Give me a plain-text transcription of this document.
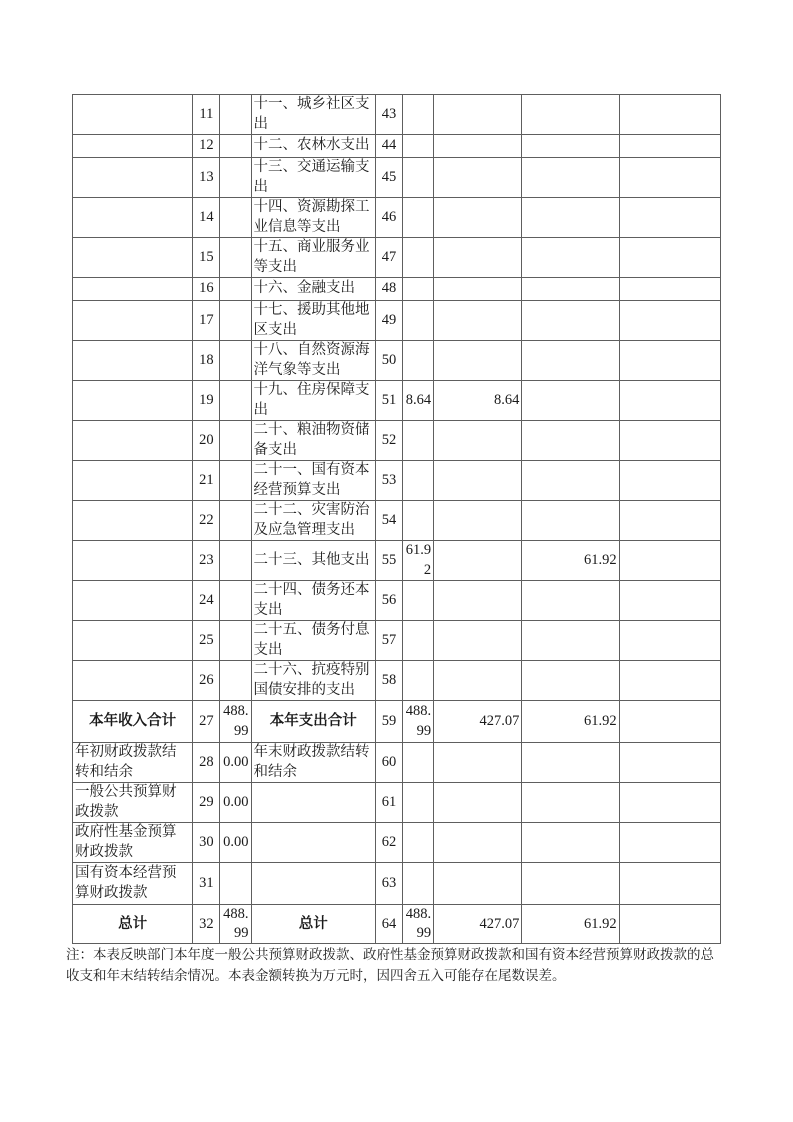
	11		十一、城乡社区支出	43				
	12		十二、农林水支出	44				
	13		十三、交通运输支出	45				
	14		十四、资源勘探工业信息等支出	46				
	15		十五、商业服务业等支出	47				
	16		十六、金融支出	48				
	17		十七、援助其他地区支出	49				
	18		十八、自然资源海洋气象等支出	50				
	19		十九、住房保障支出	51	8.64	8.64		
	20		二十、粮油物资储备支出	52				
	21		二十一、国有资本经营预算支出	53				
	22		二十二、灾害防治及应急管理支出	54				
	23		二十三、其他支出	55	61.92		61.92	
	24		二十四、债务还本支出	56				
	25		二十五、债务付息支出	57				
	26		二十六、抗疫特别国债安排的支出	58				
本年收入合计	27	488.99	本年支出合计	59	488.99	427.07	61.92	
年初财政拨款结转和结余	28	0.00	年末财政拨款结转和结余	60				
一般公共预算财政拨款	29	0.00		61				
政府性基金预算财政拨款	30	0.00		62				
国有资本经营预算财政拨款	31			63				
总计	32	488.99	总计	64	488.99	427.07	61.92	
注：本表反映部门本年度一般公共预算财政拨款、政府性基金预算财政拨款和国有资本经营预算财政拨款的总收支和年末结转结余情况。本表金额转换为万元时，因四舍五入可能存在尾数误差。
